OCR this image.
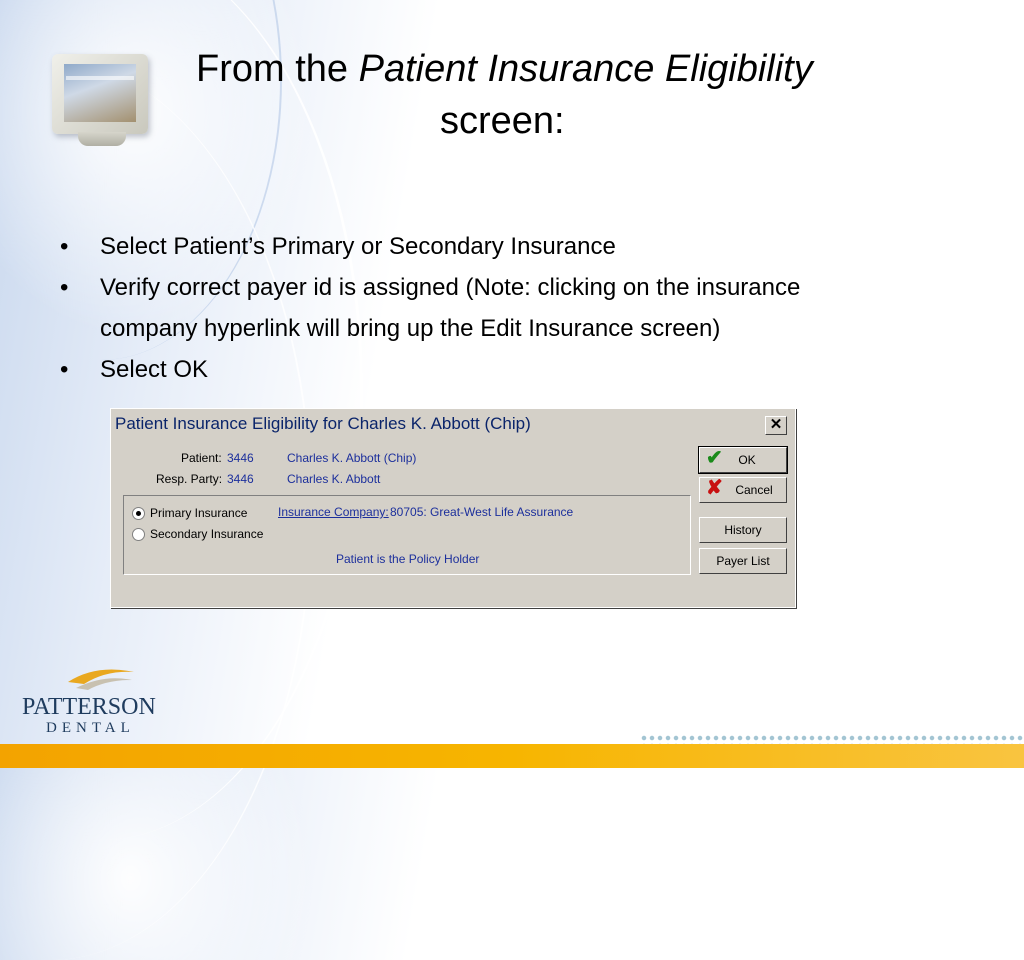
From the Patient Insurance Eligibility
screen:
• Select Patient’s Primary or Secondary Insurance
• Verify correct payer id is assigned (Note: clicking on the insurance
company hyperlink will bring up the Edit Insurance screen)
• Select OK
Patient Insurance Eligibility for Charles K. Abbott (Chip)	✕
Patient: 3446	Charles K. Abbott (Chip)
Resp. Party: 3446	Charles K. Abbott
Primary Insurance
Secondary Insurance
Insurance Company: 80705: Great-West Life Assurance
Patient is the Policy Holder
✔ OK
✘ Cancel
History
Payer List
PATTERSON
DENTAL
